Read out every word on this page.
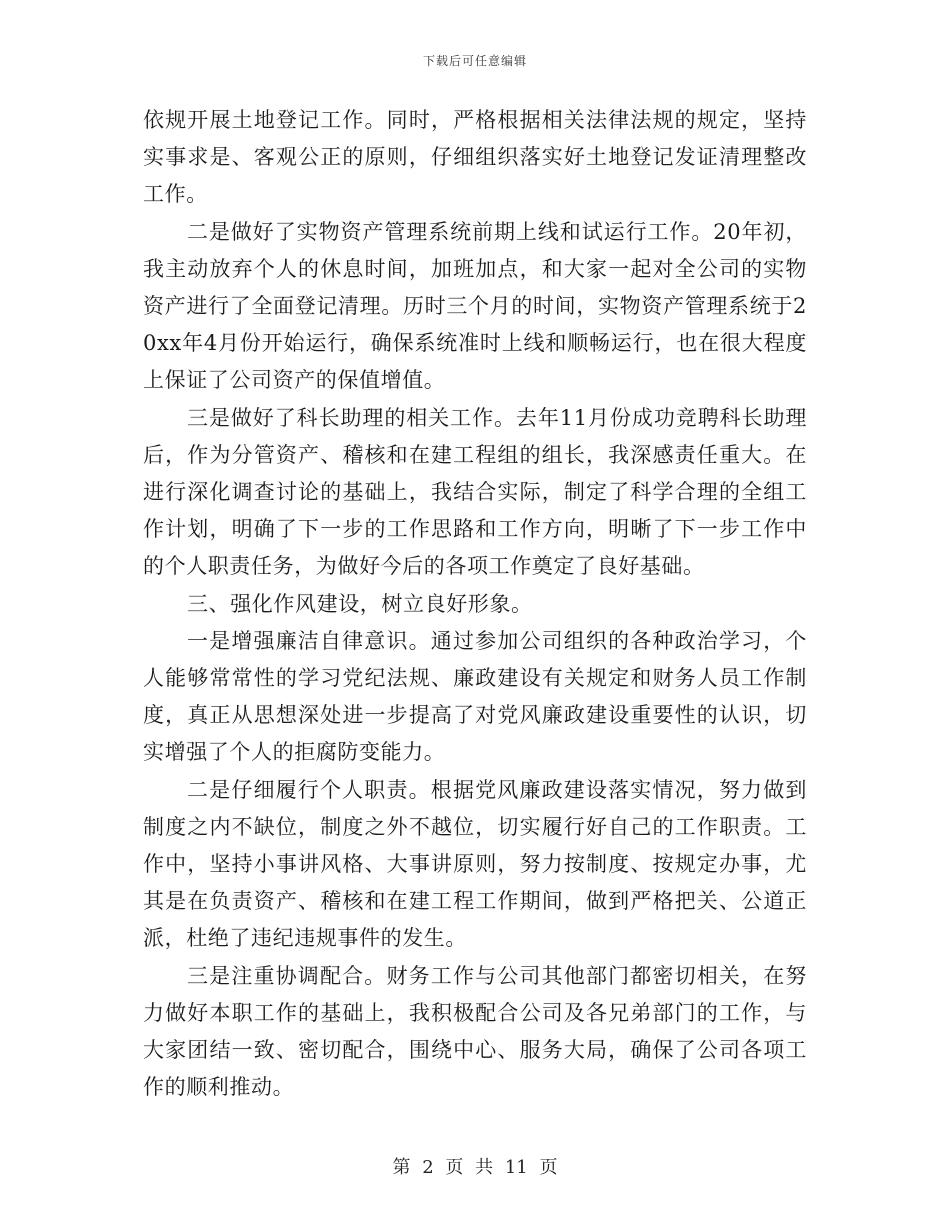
下载后可任意编辑

依规开展土地登记工作。同时，严格根据相关法律法规的规定，坚持实事求是、客观公正的原则，仔细组织落实好土地登记发证清理整改工作。

二是做好了实物资产管理系统前期上线和试运行工作。20年初，我主动放弃个人的休息时间，加班加点，和大家一起对全公司的实物资产进行了全面登记清理。历时三个月的时间，实物资产管理系统于20xx年4月份开始运行，确保系统准时上线和顺畅运行，也在很大程度上保证了公司资产的保值增值。

三是做好了科长助理的相关工作。去年11月份成功竞聘科长助理后，作为分管资产、稽核和在建工程组的组长，我深感责任重大。在进行深化调查讨论的基础上，我结合实际，制定了科学合理的全组工作计划，明确了下一步的工作思路和工作方向，明晰了下一步工作中的个人职责任务，为做好今后的各项工作奠定了良好基础。

三、强化作风建设，树立良好形象。

一是增强廉洁自律意识。通过参加公司组织的各种政治学习，个人能够常常性的学习党纪法规、廉政建设有关规定和财务人员工作制度，真正从思想深处进一步提高了对党风廉政建设重要性的认识，切实增强了个人的拒腐防变能力。

二是仔细履行个人职责。根据党风廉政建设落实情况，努力做到制度之内不缺位，制度之外不越位，切实履行好自己的工作职责。工作中，坚持小事讲风格、大事讲原则，努力按制度、按规定办事，尤其是在负责资产、稽核和在建工程工作期间，做到严格把关、公道正派，杜绝了违纪违规事件的发生。

三是注重协调配合。财务工作与公司其他部门都密切相关，在努力做好本职工作的基础上，我积极配合公司及各兄弟部门的工作，与大家团结一致、密切配合，围绕中心、服务大局，确保了公司各项工作的顺利推动。

第 2 页 共 11 页
